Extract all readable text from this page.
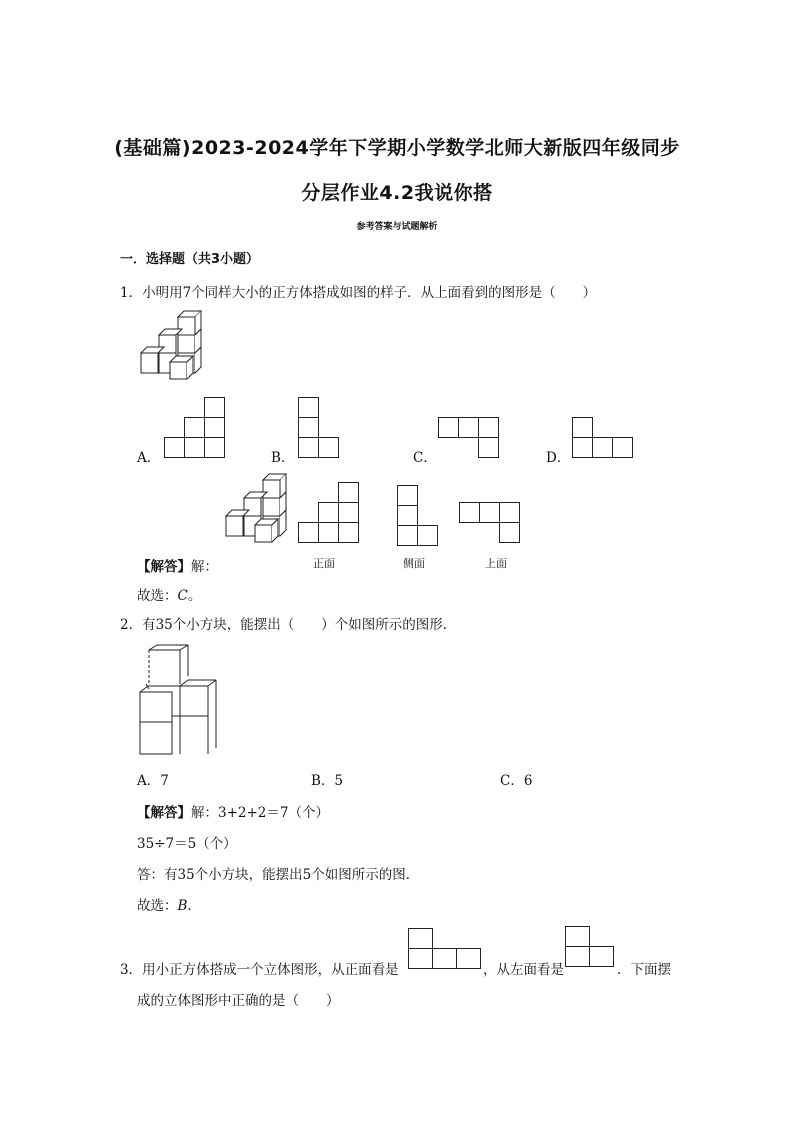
(基础篇)2023-2024学年下学期小学数学北师大新版四年级同步
分层作业4.2我说你搭
参考答案与试题解析
一．选择题（共3小题）
1．小明用7个同样大小的正方体搭成如图的样子．从上面看到的图形是（　　）
A．	B．	C．	D．
【解答】解：	正面	侧面	上面
故选：C。
2．有35个小方块，能摆出（　　）个如图所示的图形．
A．7	B．5	C．6
【解答】解：3+2+2＝7（个）
35÷7＝5（个）
答：有35个小方块，能摆出5个如图所示的图．
故选：B．
3．用小正方体搭成一个立体图形，从正面看是	，从左面看是	．下面摆
成的立体图形中正确的是（　　）
